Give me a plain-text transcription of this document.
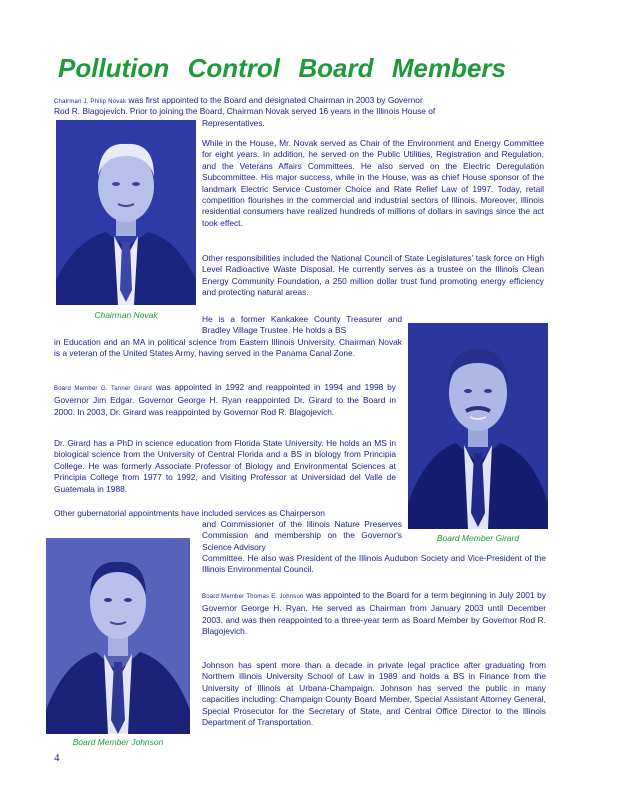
Pollution Control Board Members

Chairman J. Philip Novak was first appointed to the Board and designated Chairman in 2003 by Governor

Rod R. Blagojevich. Prior to joining the Board, Chairman Novak served 16 years in the Illinois House of

Representatives.

Chairman Novak

While in the House, Mr. Novak served as Chair of the Environment and Energy Committee for eight years. In addition, he served on the Public Utilities, Registration and Regulation, and the Veterans Affairs Committees. He also served on the Electric Deregulation Subcommittee. His major success, while in the House, was as chief House sponsor of the landmark Electric Service Customer Choice and Rate Relief Law of 1997. Today, retail competition flourishes in the commercial and industrial sectors of Illinois. Moreover, Illinois residential consumers have realized hundreds of millions of dollars in savings since the act took effect.

Other responsibilities included the National Council of State Legislatures' task force on High Level Radioactive Waste Disposal. He currently serves as a trustee on the Illinois Clean Energy Community Foundation, a 250 million dollar trust fund promoting energy efficiency and protecting natural areas.

He is a former Kankakee County Treasurer and Bradley Village Trustee. He holds a BS

in Education and an MA in political science from Eastern Illinois University. Chairman Novak is a veteran of the United States Army, having served in the Panama Canal Zone.

Board Member Girard

Board Member G. Tanner Girard was appointed in 1992 and reappointed in 1994 and 1998 by Governor Jim Edgar. Governor George H. Ryan reappointed Dr. Girard to the Board in 2000. In 2003, Dr. Girard was reappointed by Governor Rod R. Blagojevich.

Dr. Girard has a PhD in science education from Florida State University. He holds an MS in biological science from the University of Central Florida and a BS in biology from Principia College. He was formerly Associate Professor of Biology and Environmental Sciences at Principia College from 1977 to 1992, and Visiting Professor at Universidad del Valle de Guatemala in 1988.

Other gubernatorial appointments have included services as Chairperson

and Commissioner of the Illinois Nature Preserves Commission and membership on the Governor's Science Advisory

Committee. He also was President of the Illinois Audubon Society and Vice-President of the Illinois Environmental Council.

Board Member Johnson

Board Member Thomas E. Johnson was appointed to the Board for a term beginning in July 2001 by Governor George H. Ryan. He served as Chairman from January 2003 until December 2003, and was then reappointed to a three-year term as Board Member by Governor Rod R. Blagojevich.

Johnson has spent more than a decade in private legal practice after graduating from Northern Illinois University School of Law in 1989 and holds a BS in Finance from the University of Illinois at Urbana-Champaign. Johnson has served the public in many capacities including: Champaign County Board Member, Special Assistant Attorney General, Special Prosecutor for the Secretary of State, and Central Office Director to the Illinois Department of Transportation.

4
